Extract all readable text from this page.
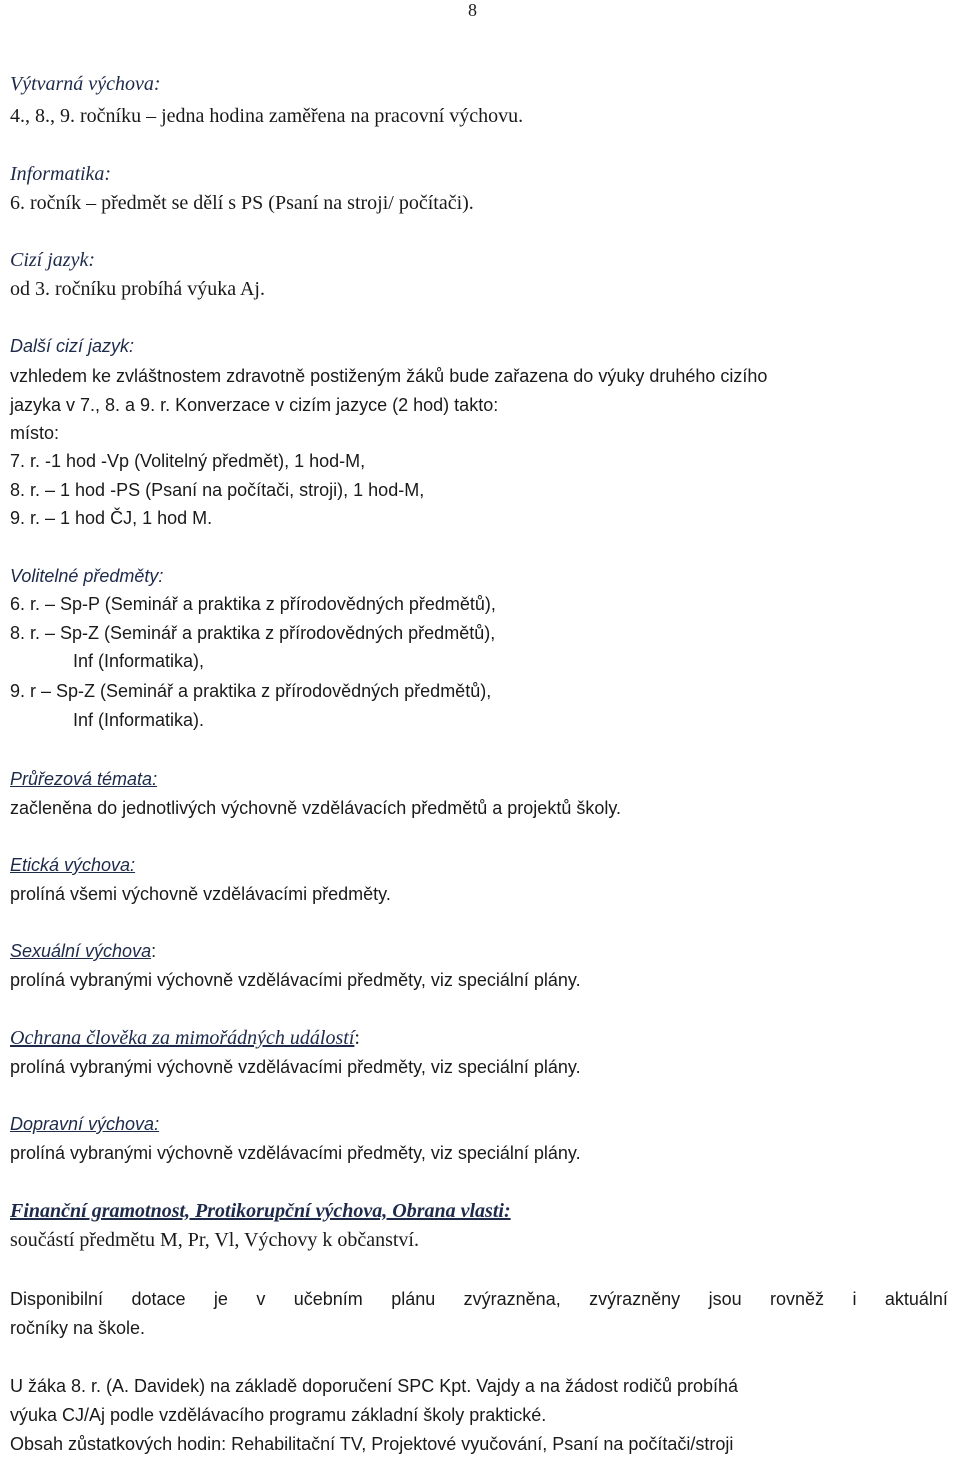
8
Výtvarná výchova:
4., 8., 9. ročníku – jedna hodina zaměřena na pracovní výchovu.
Informatika:
6. ročník – předmět se dělí s PS (Psaní na stroji/ počítači).
Cizí jazyk:
od 3. ročníku probíhá výuka Aj.
Další cizí jazyk:
vzhledem ke zvláštnostem zdravotně postiženým žáků bude zařazena do výuky druhého cizího
jazyka v 7., 8. a 9. r. Konverzace v cizím jazyce (2 hod) takto:
místo:
7. r. -1 hod -Vp (Volitelný předmět), 1 hod-M,
8. r. – 1 hod -PS (Psaní na počítači, stroji), 1 hod-M,
9. r. – 1 hod ČJ, 1 hod M.
Volitelné předměty:
6. r. – Sp-P (Seminář a praktika z přírodovědných předmětů),
8. r. – Sp-Z (Seminář a praktika z přírodovědných předmětů),
Inf (Informatika),
9. r – Sp-Z (Seminář a praktika z přírodovědných předmětů),
Inf (Informatika).
Průřezová témata:
začleněna do jednotlivých výchovně vzdělávacích předmětů a projektů školy.
Etická výchova:
prolíná všemi výchovně vzdělávacími předměty.
Sexuální výchova:
prolíná vybranými výchovně vzdělávacími předměty, viz speciální plány.
Ochrana člověka za mimořádných událostí:
prolíná vybranými výchovně vzdělávacími předměty, viz speciální plány.
Dopravní výchova:
prolíná vybranými výchovně vzdělávacími předměty, viz speciální plány.
Finanční gramotnost, Protikorupční výchova, Obrana vlasti:
součástí předmětu M, Pr, Vl, Výchovy k občanství.
Disponibilní dotace je v učebním plánu zvýrazněna, zvýrazněny jsou rovněž i aktuální
ročníky na škole.
U žáka 8. r. (A. Davidek) na základě doporučení SPC Kpt. Vajdy a na žádost rodičů probíhá
výuka CJ/Aj podle vzdělávacího programu základní školy praktické.
Obsah zůstatkových hodin: Rehabilitační TV, Projektové vyučování, Psaní na počítači/stroji
